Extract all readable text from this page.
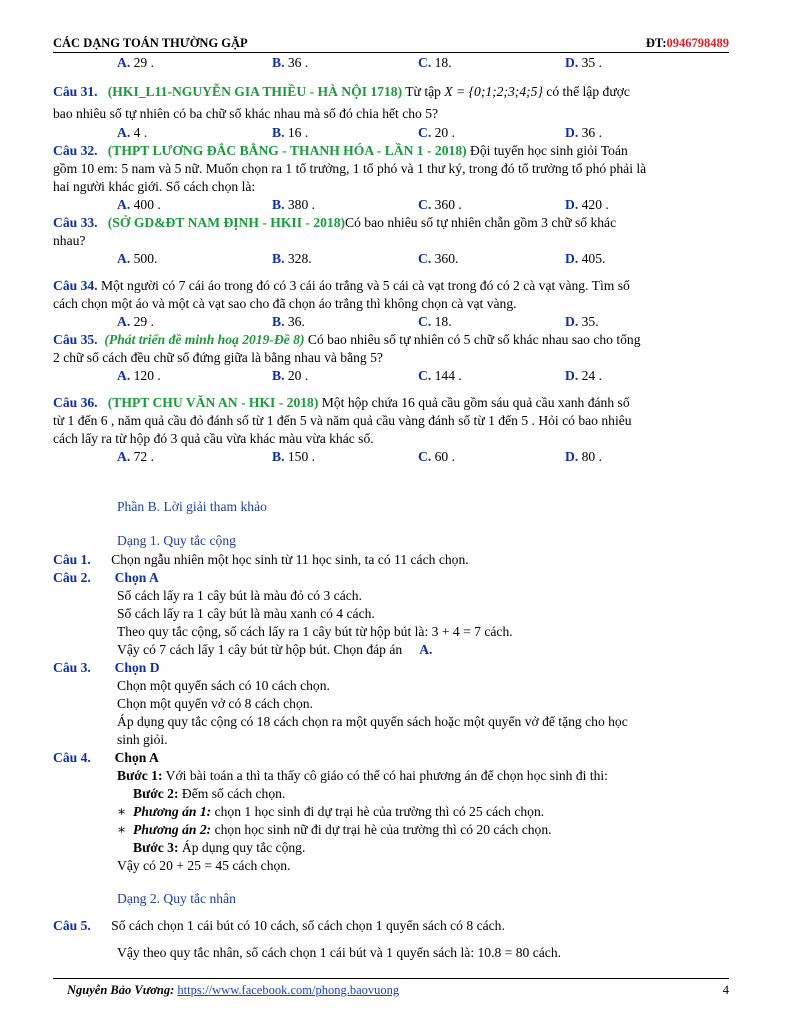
CÁC DẠNG TOÁN THƯỜNG GẶP	ĐT:0946798489
A. 29 .	B. 36 .	C. 18.	D. 35 .
Câu 31. (HKI_L11-NGUYỄN GIA THIỀU - HÀ NỘI 1718) Từ tập X = {0;1;2;3;4;5} có thể lập được
bao nhiêu số tự nhiên có ba chữ số khác nhau mà số đó chia hết cho 5?
A. 4 .	B. 16 .	C. 20 .	D. 36 .
Câu 32. (THPT LƯƠNG ĐẮC BẰNG - THANH HÓA - LẦN 1 - 2018) Đội tuyển học sinh giỏi Toán
gồm 10 em: 5 nam và 5 nữ. Muốn chọn ra 1 tổ trưởng, 1 tổ phó và 1 thư ký, trong đó tổ trưởng tổ phó phải là
hai người khác giới. Số cách chọn là:
A. 400 .	B. 380 .	C. 360 .	D. 420 .
Câu 33. (SỞ GD&ĐT NAM ĐỊNH - HKII - 2018)Có bao nhiêu số tự nhiên chẵn gồm 3 chữ số khác
nhau?
A. 500.	B. 328.	C. 360.	D. 405.
Câu 34. Một người có 7 cái áo trong đó có 3 cái áo trắng và 5 cái cà vạt trong đó có 2 cà vạt vàng. Tìm số
cách chọn một áo và một cà vạt sao cho đã chọn áo trắng thì không chọn cà vạt vàng.
A. 29 .	B. 36.	C. 18.	D. 35.
Câu 35. (Phát triển đề minh hoạ 2019-Đề 8) Có bao nhiêu số tự nhiên có 5 chữ số khác nhau sao cho tổng
2 chữ số cách đều chữ số đứng giữa là bằng nhau và bằng 5?
A. 120 .	B. 20 .	C. 144 .	D. 24 .
Câu 36. (THPT CHU VĂN AN - HKI - 2018) Một hộp chứa 16 quả cầu gồm sáu quả cầu xanh đánh số
từ 1 đến 6 , năm quả cầu đỏ đánh số từ 1 đến 5 và năm quả cầu vàng đánh số từ 1 đến 5 . Hỏi có bao nhiêu
cách lấy ra từ hộp đó 3 quả cầu vừa khác màu vừa khác số.
A. 72 .	B. 150 .	C. 60 .	D. 80 .
Phần B. Lời giải tham khảo
Dạng 1. Quy tắc cộng
Câu 1.      Chọn ngẫu nhiên một học sinh từ 11 học sinh, ta có 11 cách chọn.
Câu 2. Chọn A
Số cách lấy ra 1 cây bút là màu đỏ có 3 cách.
Số cách lấy ra 1 cây bút là màu xanh có 4 cách.
Theo quy tắc cộng, số cách lấy ra 1 cây bút từ hộp bút là: 3 + 4 = 7 cách.
Vậy có 7 cách lấy 1 cây bút từ hộp bút. Chọn đáp án A.
Câu 3. Chọn D
Chọn một quyển sách có 10 cách chọn.
Chọn một quyển vở có 8 cách chọn.
Áp dụng quy tắc cộng có 18 cách chọn ra một quyển sách hoặc một quyển vở để tặng cho học
sinh giỏi.
Câu 4. Chọn A
Bước 1: Với bài toán a thì ta thấy cô giáo có thể có hai phương án để chọn học sinh đi thi:
Bước 2: Đếm số cách chọn.
∗ Phương án 1: chọn 1 học sinh đi dự trại hè của trường thì có 25 cách chọn.
∗ Phương án 2: chọn học sinh nữ đi dự trại hè của trường thì có 20 cách chọn.
Bước 3: Áp dụng quy tắc cộng.
Vậy có 20 + 25 = 45 cách chọn.
Dạng 2. Quy tắc nhân
Câu 5.      Số cách chọn 1 cái bút có 10 cách, số cách chọn 1 quyển sách có 8 cách.
Vậy theo quy tắc nhân, số cách chọn 1 cái bút và 1 quyển sách là: 10.8 = 80 cách.
Nguyễn Bảo Vương: https://www.facebook.com/phong.baovuong	4
